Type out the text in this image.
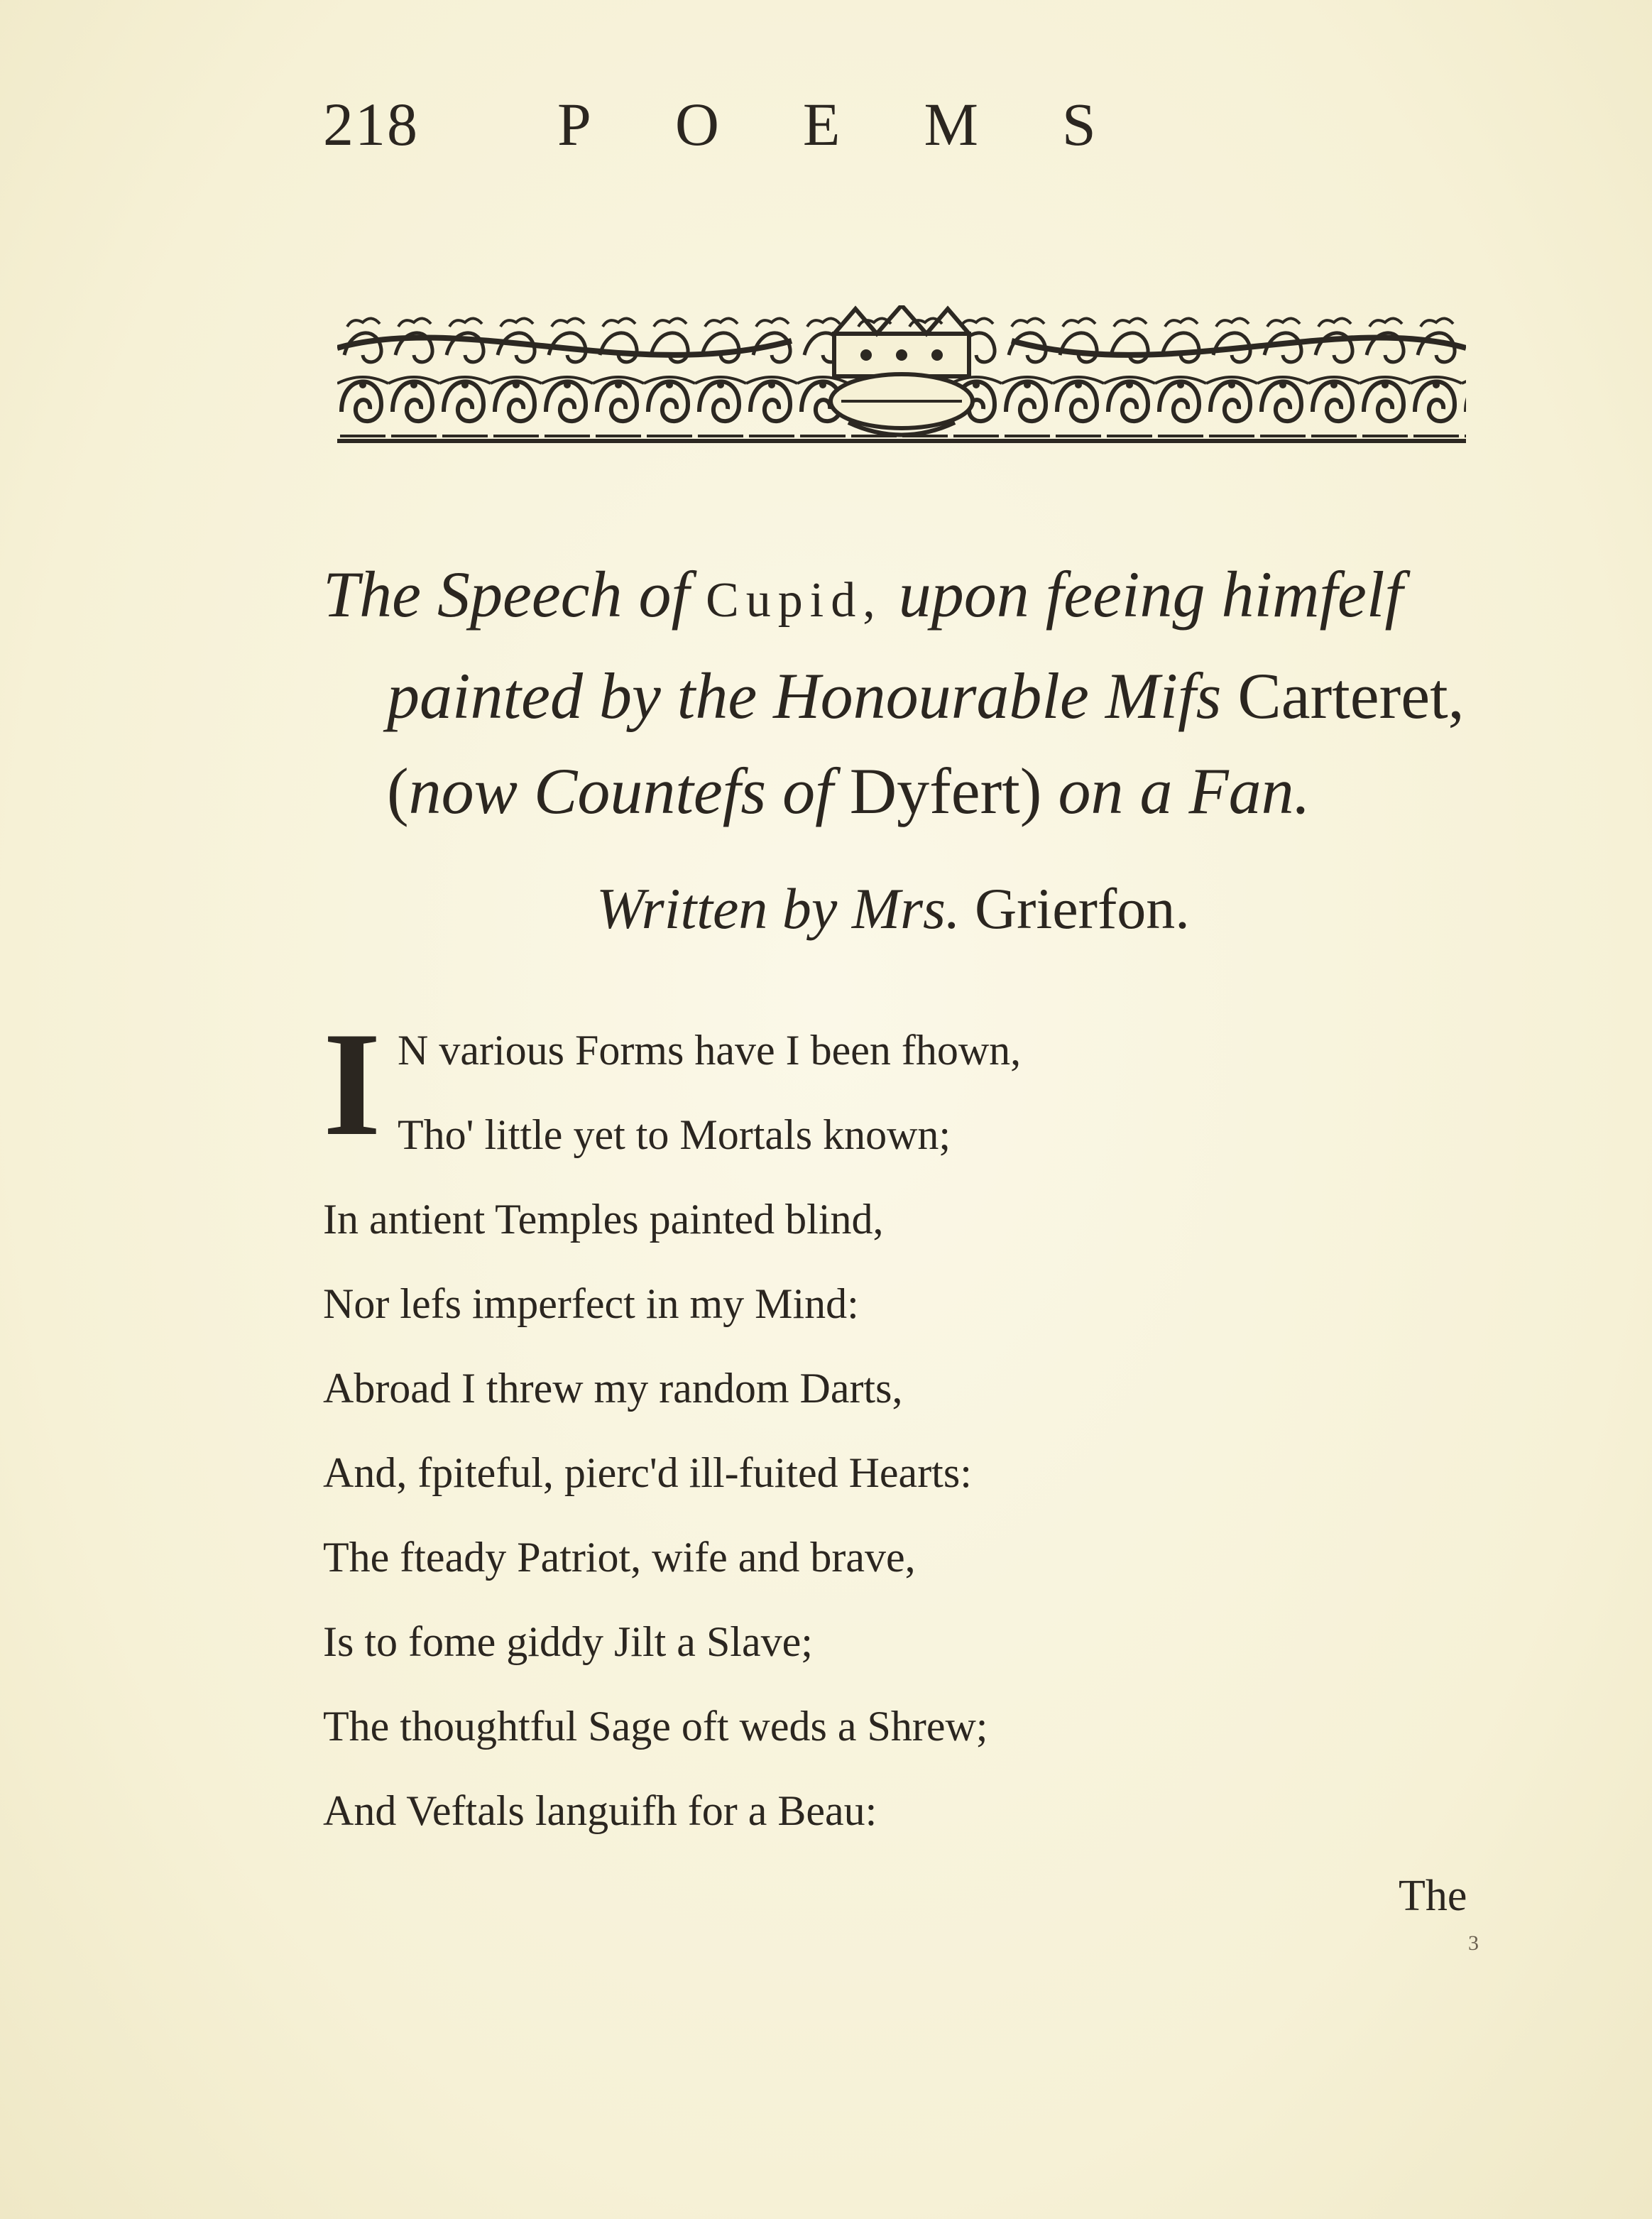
218 POEMS
The Speech of Cupid, upon feeing himfelf
painted by the Honourable Mifs Carteret,
(now Countefs of Dyfert) on a Fan.
Written by Mrs. Grierfon.
I N various Forms have I been fhown,
Tho' little yet to Mortals known;
In antient Temples painted blind,
Nor lefs imperfect in my Mind:
Abroad I threw my random Darts,
And, fpiteful, pierc'd ill-fuited Hearts:
The fteady Patriot, wife and brave,
Is to fome giddy Jilt a Slave;
The thoughtful Sage oft weds a Shrew;
And Veftals languifh for a Beau:
The
3
